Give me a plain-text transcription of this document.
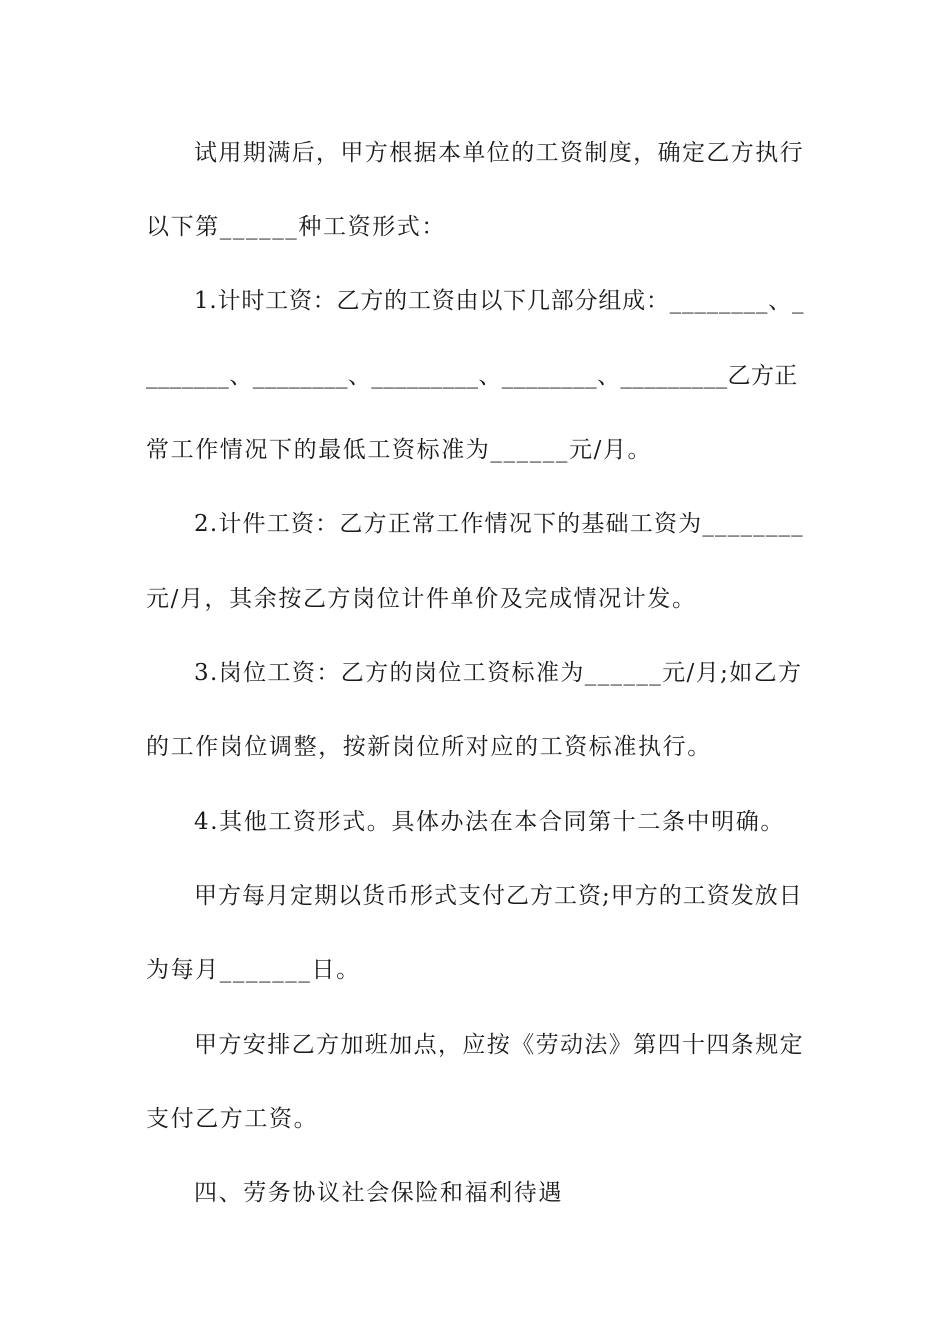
试用期满后，甲方根据本单位的工资制度，确定乙方执行
以下第______种工资形式：
1.计时工资：乙方的工资由以下几部分组成：________、_
_______、________、_________、________、_________乙方正
常工作情况下的最低工资标准为______元/月。
2.计件工资：乙方正常工作情况下的基础工资为________
元/月，其余按乙方岗位计件单价及完成情况计发。
3.岗位工资：乙方的岗位工资标准为______元/月;如乙方
的工作岗位调整，按新岗位所对应的工资标准执行。
4.其他工资形式。具体办法在本合同第十二条中明确。
甲方每月定期以货币形式支付乙方工资;甲方的工资发放日
为每月_______日。
甲方安排乙方加班加点，应按《劳动法》第四十四条规定
支付乙方工资。
四、劳务协议社会保险和福利待遇
